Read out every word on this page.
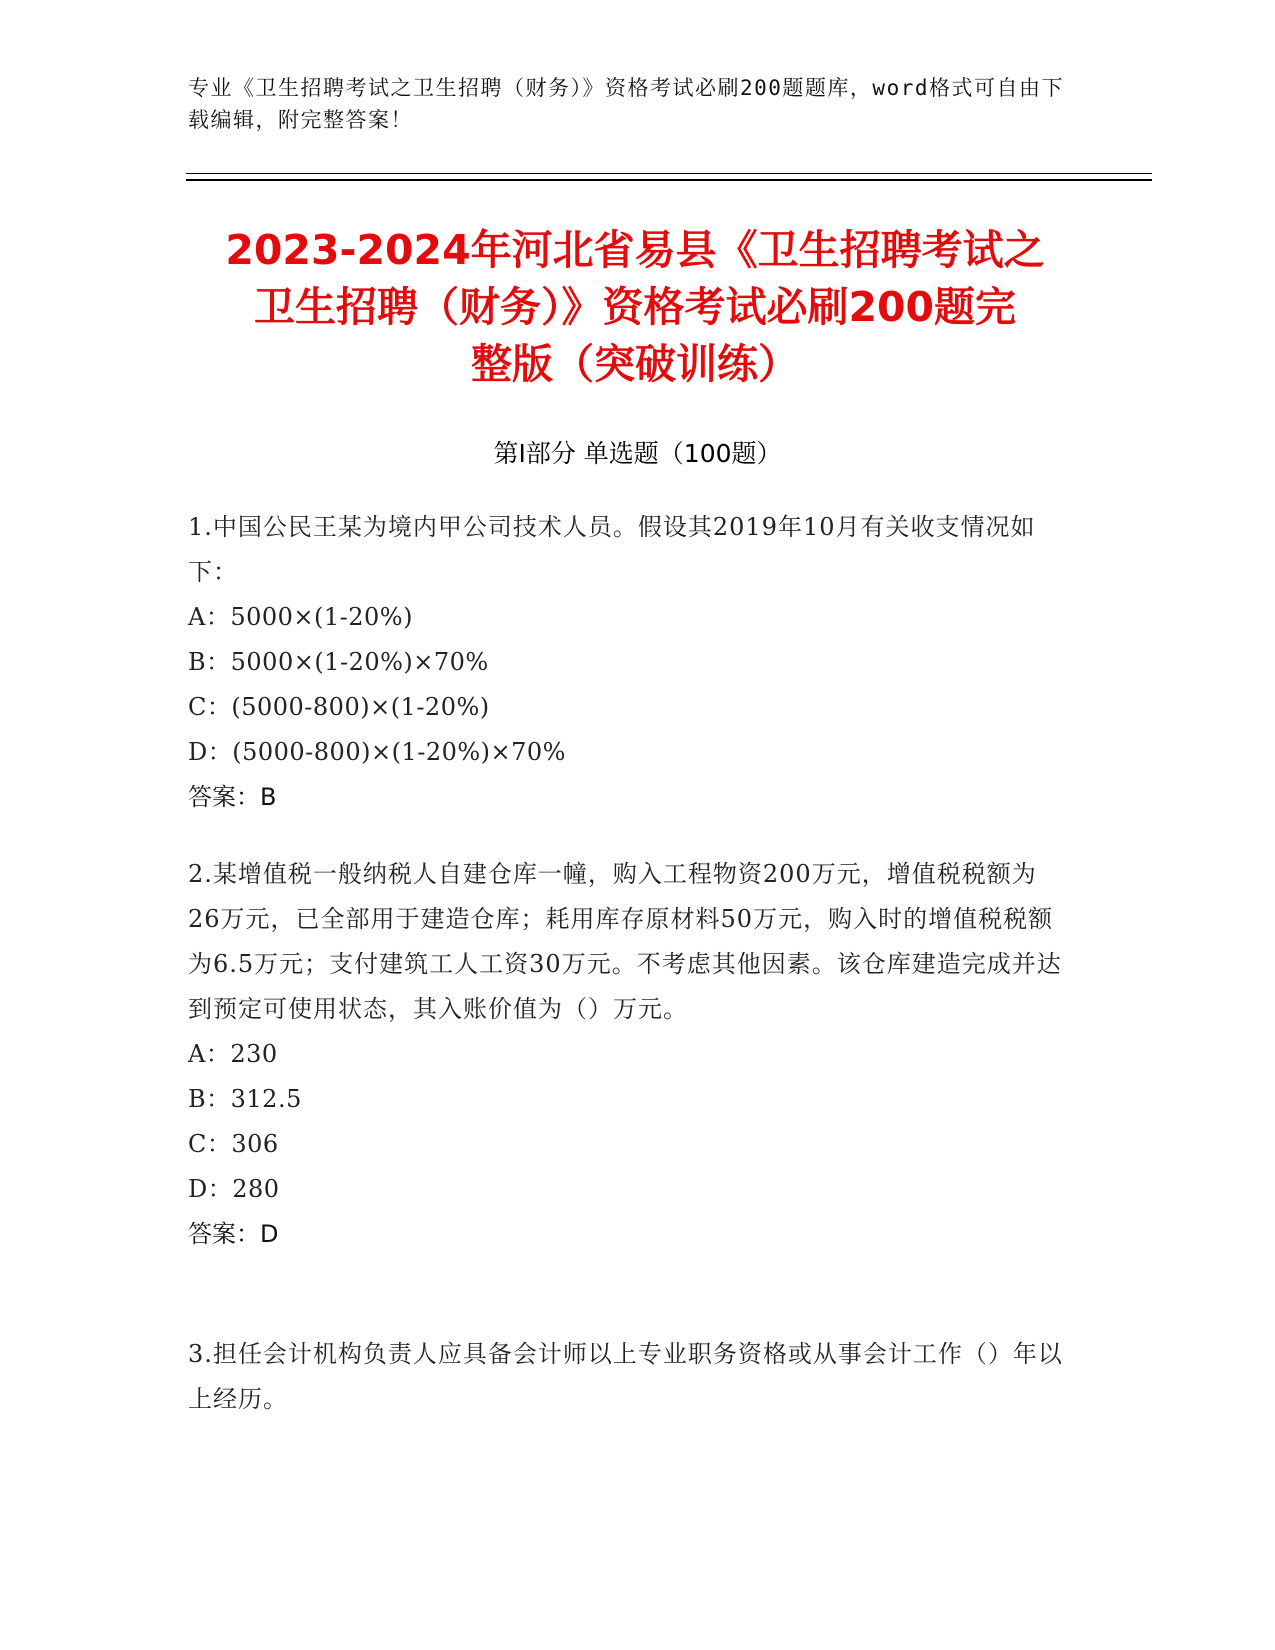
专业《卫生招聘考试之卫生招聘（财务）》资格考试必刷200题题库，word格式可自由下载编辑，附完整答案！
2023-2024年河北省易县《卫生招聘考试之
卫生招聘（财务）》资格考试必刷200题完
整版（突破训练）
第I部分 单选题（100题）

1.中国公民王某为境内甲公司技术人员。假设其2019年10月有关收支情况如下：

A：5000×(1-20%)

B：5000×(1-20%)×70%

C：(5000-800)×(1-20%)

D：(5000-800)×(1-20%)×70%

答案：B

2.某增值税一般纳税人自建仓库一幢，购入工程物资200万元，增值税税额为26万元，已全部用于建造仓库；耗用库存原材料50万元，购入时的增值税税额为6.5万元；支付建筑工人工资30万元。不考虑其他因素。该仓库建造完成并达到预定可使用状态，其入账价值为（）万元。

A：230

B：312.5

C：306

D：280

答案：D

3.担任会计机构负责人应具备会计师以上专业职务资格或从事会计工作（）年以上经历。
